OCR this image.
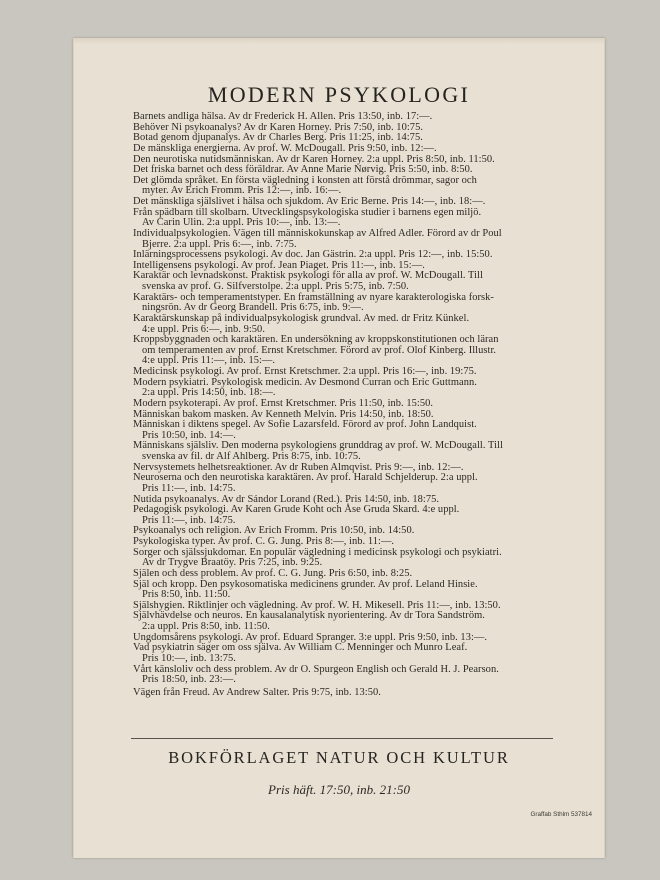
MODERN PSYKOLOGI
Barnets andliga hälsa. Av dr Frederick H. Allen. Pris 13:50, inb. 17:—.
Behöver Ni psykoanalys? Av dr Karen Horney. Pris 7:50, inb. 10:75.
Botad genom djupanalys. Av dr Charles Berg. Pris 11:25, inb. 14:75.
De mänskliga energierna. Av prof. W. McDougall. Pris 9:50, inb. 12:—.
Den neurotiska nutidsmänniskan. Av dr Karen Horney. 2:a uppl. Pris 8:50, inb. 11:50.
Det friska barnet och dess föräldrar. Av Anne Marie Nørvig. Pris 5:50, inb. 8:50.
Det glömda språket. En första vägledning i konsten att förstå drömmar, sagor och
myter. Av Erich Fromm. Pris 12:—, inb. 16:—.
Det mänskliga själslivet i hälsa och sjukdom. Av Eric Berne. Pris 14:—, inb. 18:—.
Från spädbarn till skolbarn. Utvecklingspsykologiska studier i barnens egen miljö.
Av Carin Ulin. 2:a uppl. Pris 10:—, inb. 13:—.
Individualpsykologien. Vägen till människokunskap av Alfred Adler. Förord av dr Poul
Bjerre. 2:a uppl. Pris 6:—, inb. 7:75.
Inlärningsprocessens psykologi. Av doc. Jan Gästrin. 2:a uppl. Pris 12:—, inb. 15:50.
Intelligensens psykologi. Av prof. Jean Piaget. Pris 11:—, inb. 15:—.
Karaktär och levnadskonst. Praktisk psykologi för alla av prof. W. McDougall. Till
svenska av prof. G. Silfverstolpe. 2:a uppl. Pris 5:75, inb. 7:50.
Karaktärs- och temperamentstyper. En framställning av nyare karakterologiska forsk-
ningsrön. Av dr Georg Brandell. Pris 6:75, inb. 9:—.
Karaktärskunskap på individualpsykologisk grundval. Av med. dr Fritz Künkel.
4:e uppl. Pris 6:—, inb. 9:50.
Kroppsbyggnaden och karaktären. En undersökning av kroppskonstitutionen och läran
om temperamenten av prof. Ernst Kretschmer. Förord av prof. Olof Kinberg. Illustr.
4:e uppl. Pris 11:—, inb. 15:—.
Medicinsk psykologi. Av prof. Ernst Kretschmer. 2:a uppl. Pris 16:—, inb. 19:75.
Modern psykiatri. Psykologisk medicin. Av Desmond Curran och Eric Guttmann.
2:a uppl. Pris 14:50, inb. 18:—.
Modern psykoterapi. Av prof. Ernst Kretschmer. Pris 11:50, inb. 15:50.
Människan bakom masken. Av Kenneth Melvin. Pris 14:50, inb. 18:50.
Människan i diktens spegel. Av Sofie Lazarsfeld. Förord av prof. John Landquist.
Pris 10:50, inb. 14:—.
Människans själsliv. Den moderna psykologiens grunddrag av prof. W. McDougall. Till
svenska av fil. dr Alf Ahlberg. Pris 8:75, inb. 10:75.
Nervsystemets helhetsreaktioner. Av dr Ruben Almqvist. Pris 9:—, inb. 12:—.
Neuroserna och den neurotiska karaktären. Av prof. Harald Schjelderup. 2:a uppl.
Pris 11:—, inb. 14:75.
Nutida psykoanalys. Av dr Sándor Lorand (Red.). Pris 14:50, inb. 18:75.
Pedagogisk psykologi. Av Karen Grude Koht och Åse Gruda Skard. 4:e uppl.
Pris 11:—, inb. 14:75.
Psykoanalys och religion. Av Erich Fromm. Pris 10:50, inb. 14:50.
Psykologiska typer. Av prof. C. G. Jung. Pris 8:—, inb. 11:—.
Sorger och själssjukdomar. En populär vägledning i medicinsk psykologi och psykiatri.
Av dr Trygve Braatöy. Pris 7:25, inb. 9:25.
Själen och dess problem. Av prof. C. G. Jung. Pris 6:50, inb. 8:25.
Själ och kropp. Den psykosomatiska medicinens grunder. Av prof. Leland Hinsie.
Pris 8:50, inb. 11:50.
Själshygien. Riktlinjer och vägledning. Av prof. W. H. Mikesell. Pris 11:—, inb. 13:50.
Självhävdelse och neuros. En kausalanalytisk nyorientering. Av dr Tora Sandström.
2:a uppl. Pris 8:50, inb. 11:50.
Ungdomsårens psykologi. Av prof. Eduard Spranger. 3:e uppl. Pris 9:50, inb. 13:—.
Vad psykiatrin säger om oss själva. Av William C. Menninger och Munro Leaf.
Pris 10:—, inb. 13:75.
Vårt känsloliv och dess problem. Av dr O. Spurgeon English och Gerald H. J. Pearson.
Pris 18:50, inb. 23:—.
Vägen från Freud. Av Andrew Salter. Pris 9:75, inb. 13:50.
BOKFÖRLAGET NATUR OCH KULTUR
Pris häft. 17:50, inb. 21:50
Graffab Sthlm 537814
